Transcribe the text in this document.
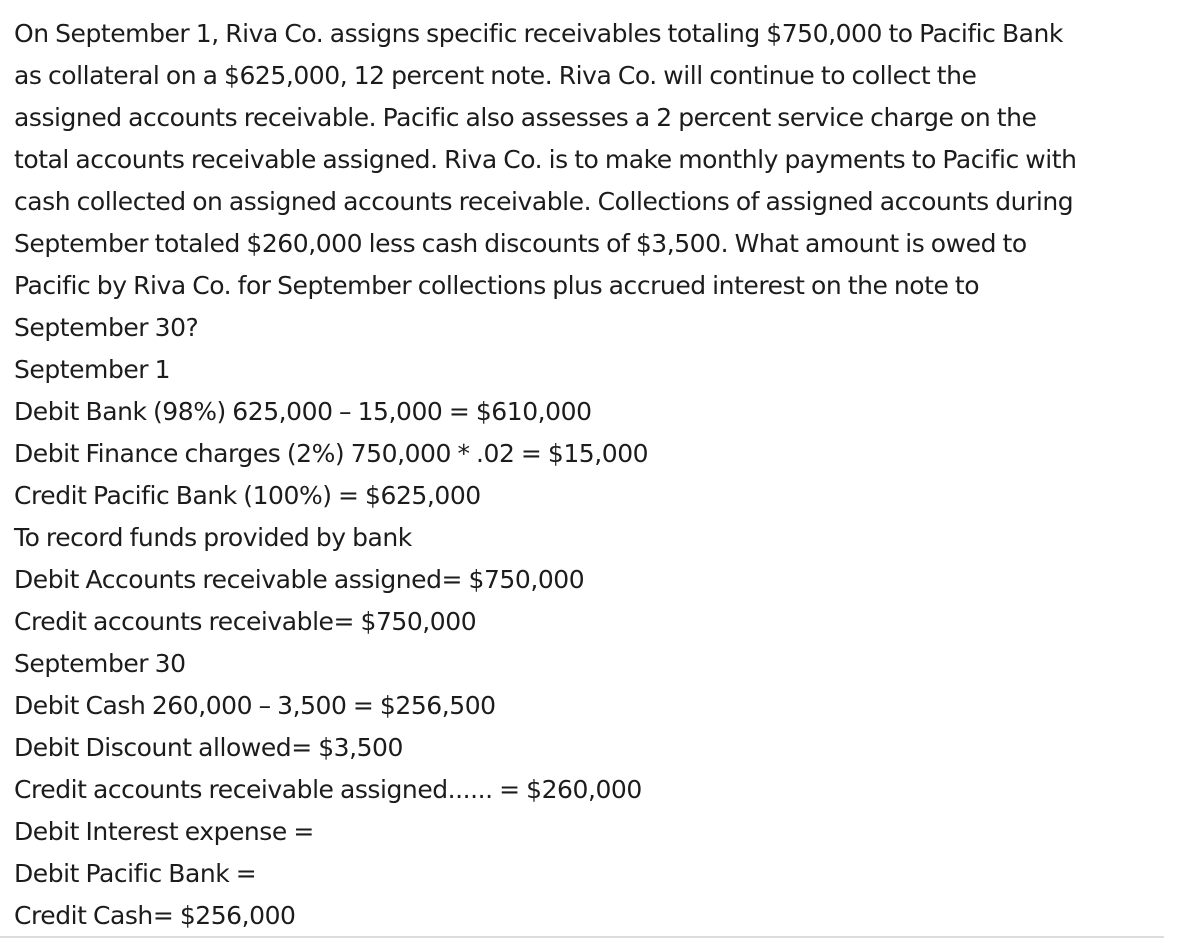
On September 1, Riva Co. assigns specific receivables totaling $750,000 to Pacific Bank
as collateral on a $625,000, 12 percent note. Riva Co. will continue to collect the
assigned accounts receivable. Pacific also assesses a 2 percent service charge on the
total accounts receivable assigned. Riva Co. is to make monthly payments to Pacific with
cash collected on assigned accounts receivable. Collections of assigned accounts during
September totaled $260,000 less cash discounts of $3,500. What amount is owed to
Pacific by Riva Co. for September collections plus accrued interest on the note to
September 30?
September 1
Debit Bank (98%) 625,000 – 15,000 = $610,000
Debit Finance charges (2%) 750,000 * .02 = $15,000
Credit Pacific Bank (100%) = $625,000
To record funds provided by bank
Debit Accounts receivable assigned= $750,000
Credit accounts receivable= $750,000
September 30
Debit Cash 260,000 – 3,500 = $256,500
Debit Discount allowed= $3,500
Credit accounts receivable assigned...... = $260,000
Debit Interest expense =
Debit Pacific Bank =
Credit Cash= $256,000
